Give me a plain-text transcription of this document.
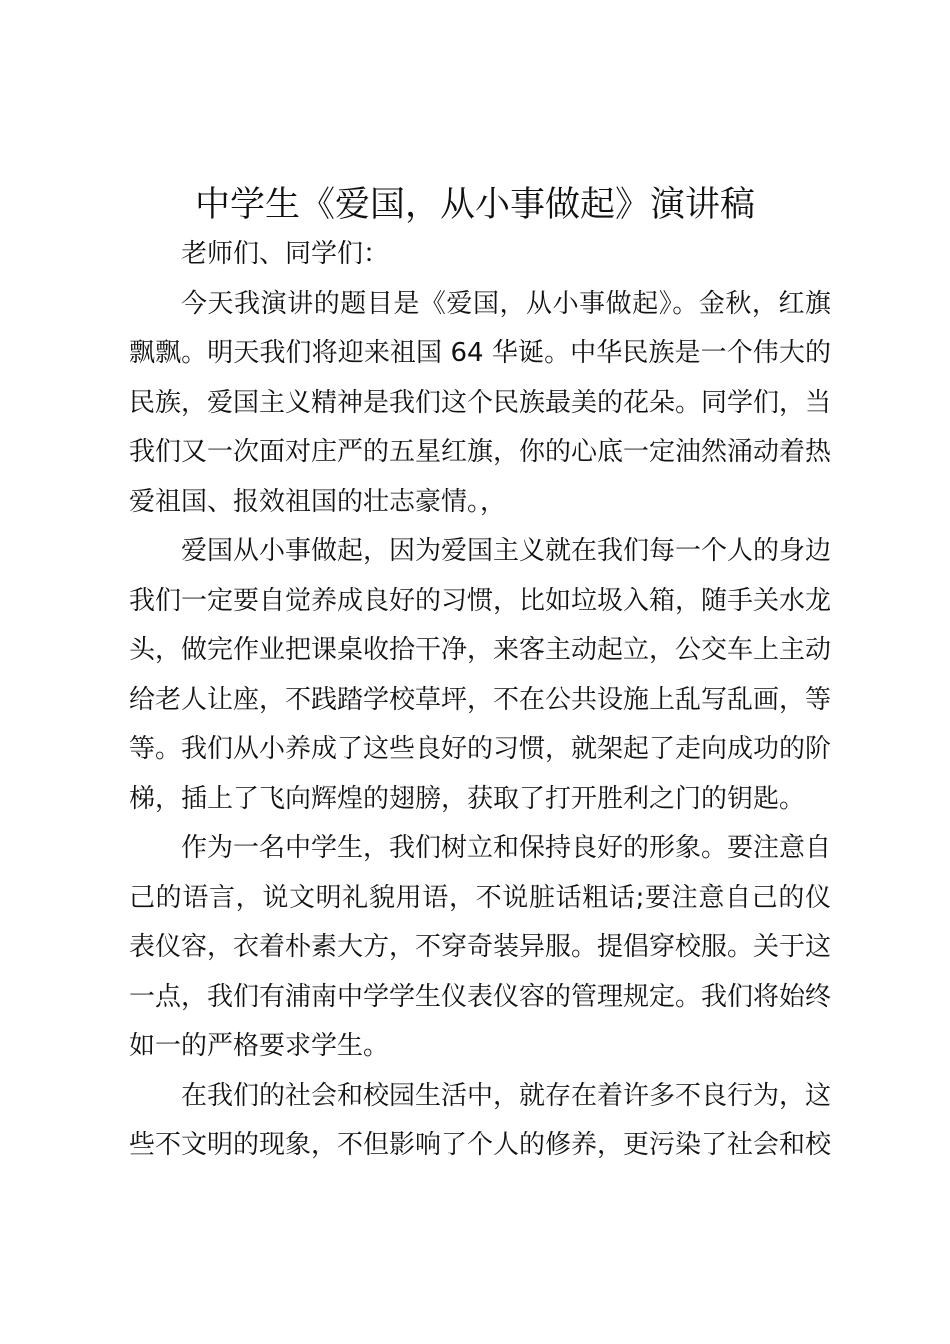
中学生《爱国，从小事做起》演讲稿

老师们、同学们：

今天我演讲的题目是《爱国，从小事做起》。金秋，红旗飘飘。明天我们将迎来祖国 64 华诞。中华民族是一个伟大的民族，爱国主义精神是我们这个民族最美的花朵。同学们，当我们又一次面对庄严的五星红旗，你的心底一定油然涌动着热爱祖国、报效祖国的壮志豪情。，

爱国从小事做起，因为爱国主义就在我们每一个人的身边我们一定要自觉养成良好的习惯，比如垃圾入箱，随手关水龙头，做完作业把课桌收拾干净，来客主动起立，公交车上主动给老人让座，不践踏学校草坪，不在公共设施上乱写乱画，等等。我们从小养成了这些良好的习惯，就架起了走向成功的阶梯，插上了飞向辉煌的翅膀，获取了打开胜利之门的钥匙。

作为一名中学生，我们树立和保持良好的形象。要注意自己的语言，说文明礼貌用语，不说脏话粗话;要注意自己的仪表仪容，衣着朴素大方，不穿奇装异服。提倡穿校服。关于这一点，我们有浦南中学学生仪表仪容的管理规定。我们将始终如一的严格要求学生。

在我们的社会和校园生活中，就存在着许多不良行为，这些不文明的现象，不但影响了个人的修养，更污染了社会和校
